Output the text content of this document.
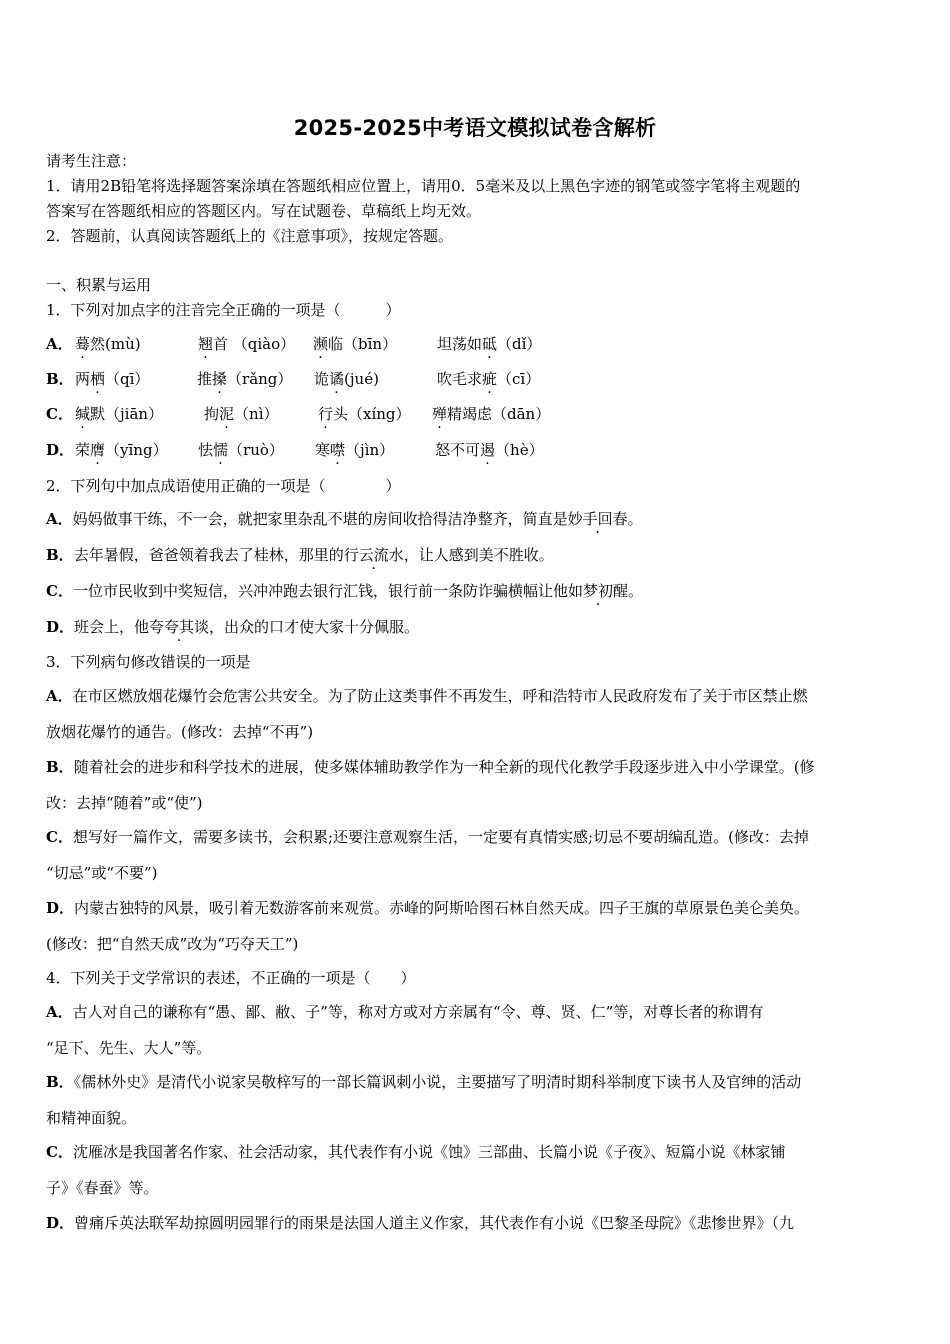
2025-2025中考语文模拟试卷含解析
请考生注意：
1．请用2B铅笔将选择题答案涂填在答题纸相应位置上，请用0．5毫米及以上黑色字迹的钢笔或签字笔将主观题的
答案写在答题纸相应的答题区内。写在试题卷、草稿纸上均无效。
2．答题前，认真阅读答题纸上的《注意事项》，按规定答题。
一、积累与运用
1．下列对加点字的注音完全正确的一项是（　　　）
A． 蓦然(mù)	翘首 （qiào） 濒临（bīn）	坦荡如砥（dǐ）
B． 两栖（qī）	推搡（rǎng） 诡谲(jué)	吹毛求疵（cī）
C． 缄默（jiān）	拘泥（nì）	行头（xíng） 殚精竭虑（dān）
D． 荣膺（yīng） 怯懦（ruò） 寒噤（jìn）	怒不可遏（hè）
2．下列句中加点成语使用正确的一项是（　　　　）
A．妈妈做事干练，不一会，就把家里杂乱不堪的房间收拾得洁净整齐，简直是妙手回春。
B．去年暑假，爸爸领着我去了桂林，那里的行云流水，让人感到美不胜收。
C．一位市民收到中奖短信，兴冲冲跑去银行汇钱，银行前一条防诈骗横幅让他如梦初醒。
D．班会上，他夸夸其谈，出众的口才使大家十分佩服。
3．下列病句修改错误的一项是
A．在市区燃放烟花爆竹会危害公共安全。为了防止这类事件不再发生，呼和浩特市人民政府发布了关于市区禁止燃
放烟花爆竹的通告。(修改：去掉“不再”)
B．随着社会的进步和科学技术的进展，使多媒体辅助教学作为一种全新的现代化教学手段逐步进入中小学课堂。(修
改：去掉“随着”或“使”)
C．想写好一篇作文，需要多读书，会积累;还要注意观察生活，一定要有真情实感;切忌不要胡编乱造。(修改：去掉
“切忌”或“不要”)
D．内蒙古独特的风景，吸引着无数游客前来观赏。赤峰的阿斯哈图石林自然天成。四子王旗的草原景色美仑美奂。
(修改：把“自然天成”改为“巧夺天工”)
4．下列关于文学常识的表述，不正确的一项是（　　）
A．古人对自己的谦称有“愚、鄙、敝、子”等，称对方或对方亲属有“令、尊、贤、仁”等，对尊长者的称谓有
“足下、先生、大人”等。
B．《儒林外史》是清代小说家吴敬梓写的一部长篇讽刺小说，主要描写了明清时期科举制度下读书人及官绅的活动
和精神面貌。
C．沈雁冰是我国著名作家、社会活动家，其代表作有小说《蚀》三部曲、长篇小说《子夜》、短篇小说《林家铺
子》《春蚕》等。
D．曾痛斥英法联军劫掠圆明园罪行的雨果是法国人道主义作家，其代表作有小说《巴黎圣母院》《悲惨世界》（九
